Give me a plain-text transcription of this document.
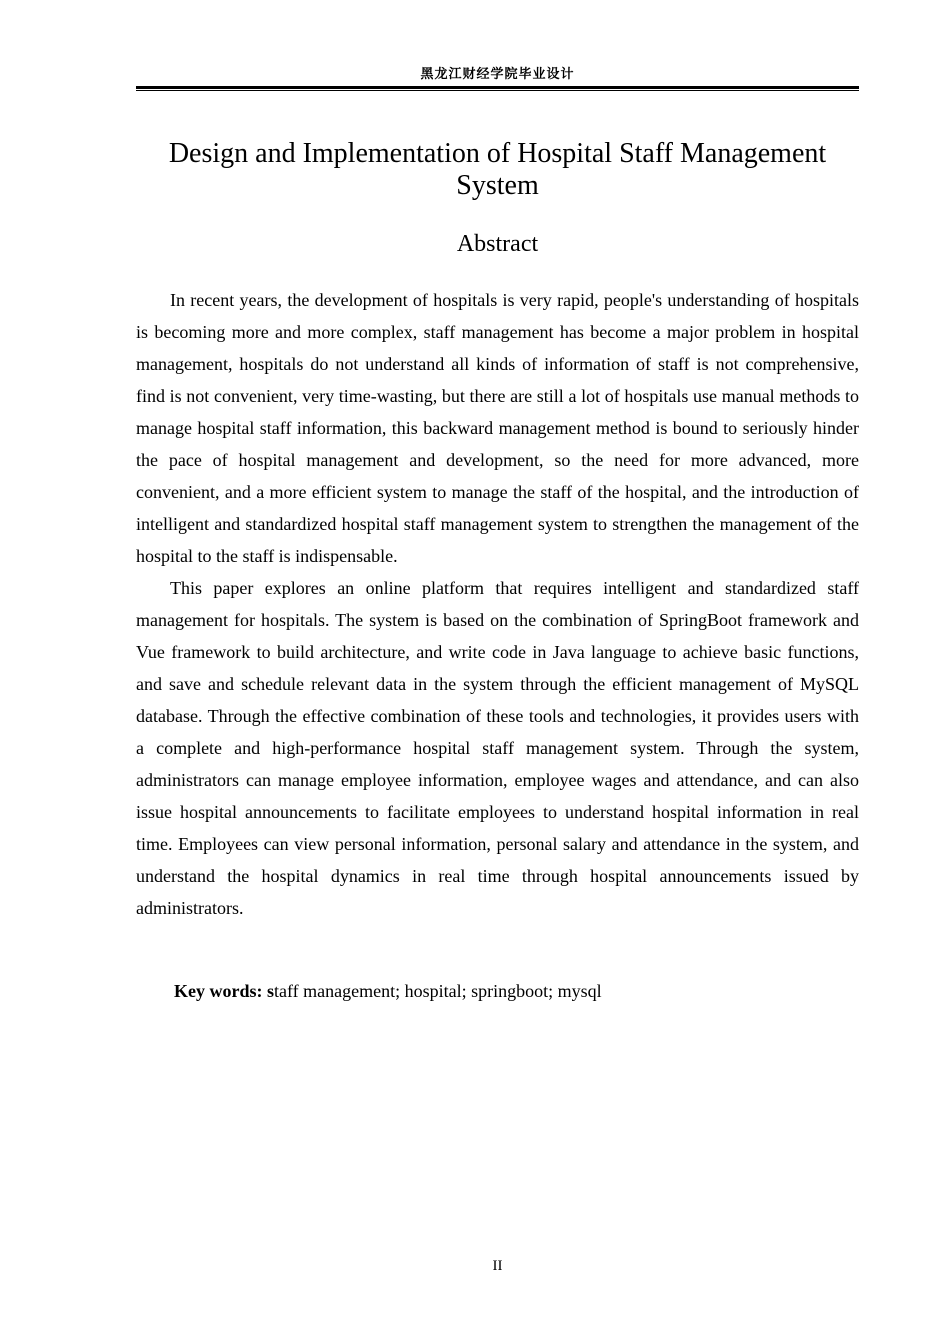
黑龙江财经学院毕业设计
Design and Implementation of Hospital Staff Management System
Abstract

In recent years, the development of hospitals is very rapid, people's understanding of hospitals is becoming more and more complex, staff management has become a major problem in hospital management, hospitals do not understand all kinds of information of staff is not comprehensive, find is not convenient, very time-wasting, but there are still a lot of hospitals use manual methods to manage hospital staff information, this backward management method is bound to seriously hinder the pace of hospital management and development, so the need for more advanced, more convenient, and a more efficient system to manage the staff of the hospital, and the introduction of intelligent and standardized hospital staff management system to strengthen the management of the hospital to the staff is indispensable.

This paper explores an online platform that requires intelligent and standardized staff management for hospitals. The system is based on the combination of SpringBoot framework and Vue framework to build architecture, and write code in Java language to achieve basic functions, and save and schedule relevant data in the system through the efficient management of MySQL database. Through the effective combination of these tools and technologies, it provides users with a complete and high-performance hospital staff management system. Through the system, administrators can manage employee information, employee wages and attendance, and can also issue hospital announcements to facilitate employees to understand hospital information in real time. Employees can view personal information, personal salary and attendance in the system, and understand the hospital dynamics in real time through hospital announcements issued by administrators.

Key words: staff management; hospital; springboot; mysql
II
